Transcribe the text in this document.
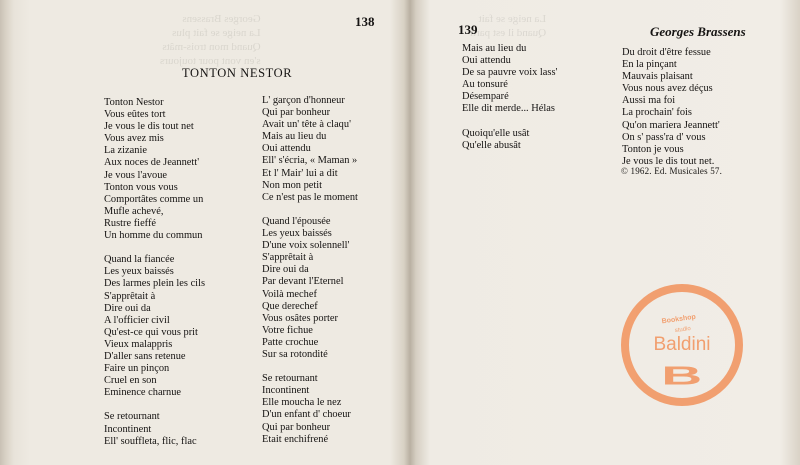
Georges Brassens
La neige se fait plus
Quand mon trois-mâts
s'en vont pour toujours

138
TONTON NESTOR
Tonton Nestor
Vous eûtes tort
Je vous le dis tout net
Vous avez mis
La zizanie
Aux noces de Jeannett'
Je vous l'avoue
Tonton vous vous
Comportâtes comme un
Mufle achevé,
Rustre fieffé
Un homme du commun
Quand la fiancée
Les yeux baissés
Des larmes plein les cils
S'apprêtait à
Dire oui da
A l'officier civil
Qu'est-ce qui vous prit
Vieux malappris
D'aller sans retenue
Faire un pinçon
Cruel en son
Eminence charnue
Se retournant
Incontinent
Ell' souffleta, flic, flac
L' garçon d'honneur
Qui par bonheur
Avait un' tête à claqu'
Mais au lieu du
Oui attendu
Ell' s'écria, « Maman »
Et l' Mair' lui a dit
Non mon petit
Ce n'est pas le moment
Quand l'épousée
Les yeux baissés
D'une voix solennell'
S'apprêtait à
Dire oui da
Par devant l'Eternel
Voilà mechef
Que derechef
Vous osâtes porter
Votre fichue
Patte crochue
Sur sa rotondité
Se retournant
Incontinent
Elle moucha le nez
D'un enfant d' choeur
Qui par bonheur
Etait enchifrené
La neige se fait
Quand il est parti

139	Georges Brassens
Mais au lieu du
Oui attendu
De sa pauvre voix lass'
Au tonsuré
Désemparé
Elle dit merde... Hélas
Quoiqu'elle usât
Qu'elle abusât
Du droit d'être fessue
En la pinçant
Mauvais plaisant
Vous nous avez déçus
Aussi ma foi
La prochain' fois
Qu'on mariera Jeannett'
On s' pass'ra d' vous
Tonton je vous
Je vous le dis tout net.
© 1962. Ed. Musicales 57.
Bookshop
studio
Baldini
B
